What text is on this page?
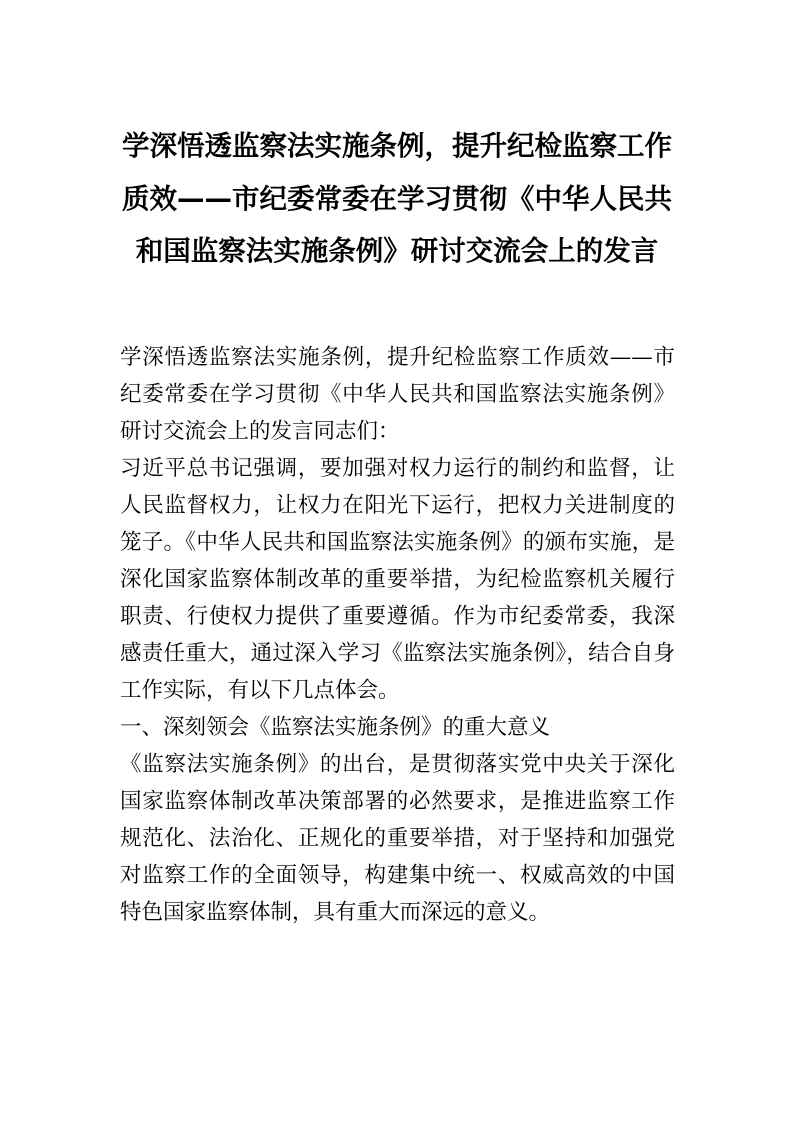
学深悟透监察法实施条例，提升纪检监察工作质效——市纪委常委在学习贯彻《中华人民共和国监察法实施条例》研讨交流会上的发言

学深悟透监察法实施条例，提升纪检监察工作质效——市纪委常委在学习贯彻《中华人民共和国监察法实施条例》研讨交流会上的发言同志们：

习近平总书记强调，要加强对权力运行的制约和监督，让人民监督权力，让权力在阳光下运行，把权力关进制度的笼子。《中华人民共和国监察法实施条例》的颁布实施，是深化国家监察体制改革的重要举措，为纪检监察机关履行职责、行使权力提供了重要遵循。作为市纪委常委，我深感责任重大，通过深入学习《监察法实施条例》，结合自身工作实际，有以下几点体会。

一、深刻领会《监察法实施条例》的重大意义

《监察法实施条例》的出台，是贯彻落实党中央关于深化国家监察体制改革决策部署的必然要求，是推进监察工作规范化、法治化、正规化的重要举措，对于坚持和加强党对监察工作的全面领导，构建集中统一、权威高效的中国特色国家监察体制，具有重大而深远的意义。
